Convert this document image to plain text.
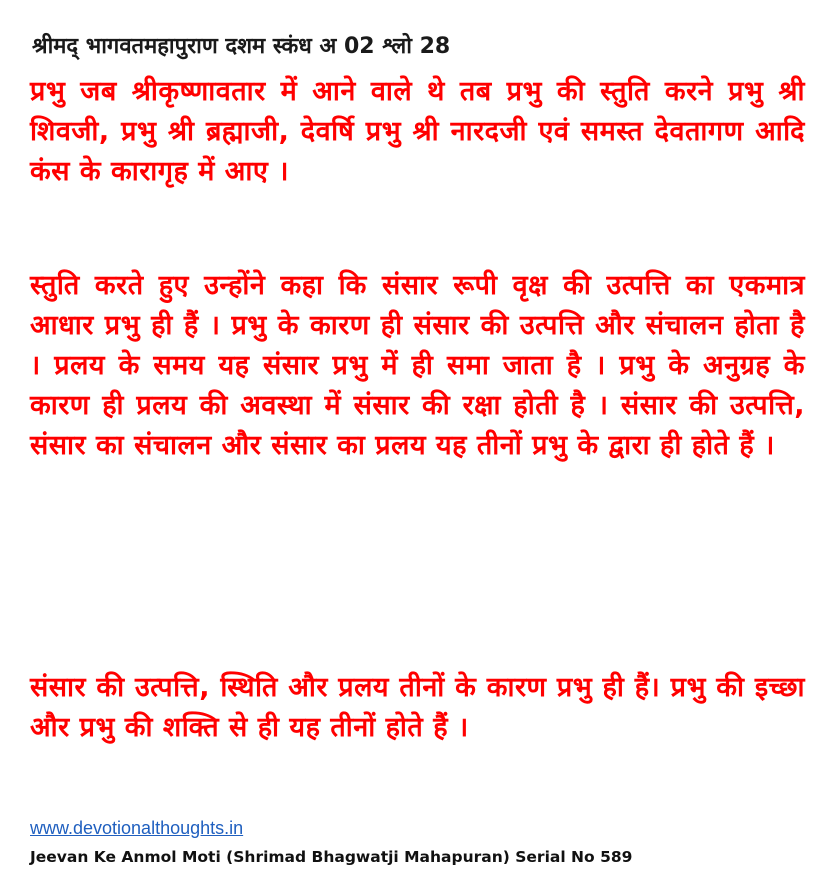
श्रीमद् भागवतमहापुराण दशम स्कंध अ 02 श्लो 28
प्रभु जब श्रीकृष्णावतार में आने वाले थे तब प्रभु की स्तुति करने प्रभु श्री शिवजी, प्रभु श्री ब्रह्माजी, देवर्षि प्रभु श्री नारदजी एवं समस्त देवतागण आदि कंस के कारागृह में आए ।
स्तुति करते हुए उन्होंने कहा कि संसार रूपी वृक्ष की उत्पत्ति का एकमात्र आधार प्रभु ही हैं । प्रभु के कारण ही संसार की उत्पत्ति और संचालन होता है । प्रलय के समय यह संसार प्रभु में ही समा जाता है । प्रभु के अनुग्रह के कारण ही प्रलय की अवस्था में संसार की रक्षा होती है । संसार की उत्पत्ति, संसार का संचालन और संसार का प्रलय यह तीनों प्रभु के द्वारा ही होते हैं ।
संसार की उत्पत्ति, स्थिति और प्रलय तीनों के कारण प्रभु ही हैं। प्रभु की इच्छा और प्रभु की शक्ति से ही यह तीनों होते हैं ।
www.devotionalthoughts.in
Jeevan Ke Anmol Moti (Shrimad Bhagwatji Mahapuran) Serial No 589
